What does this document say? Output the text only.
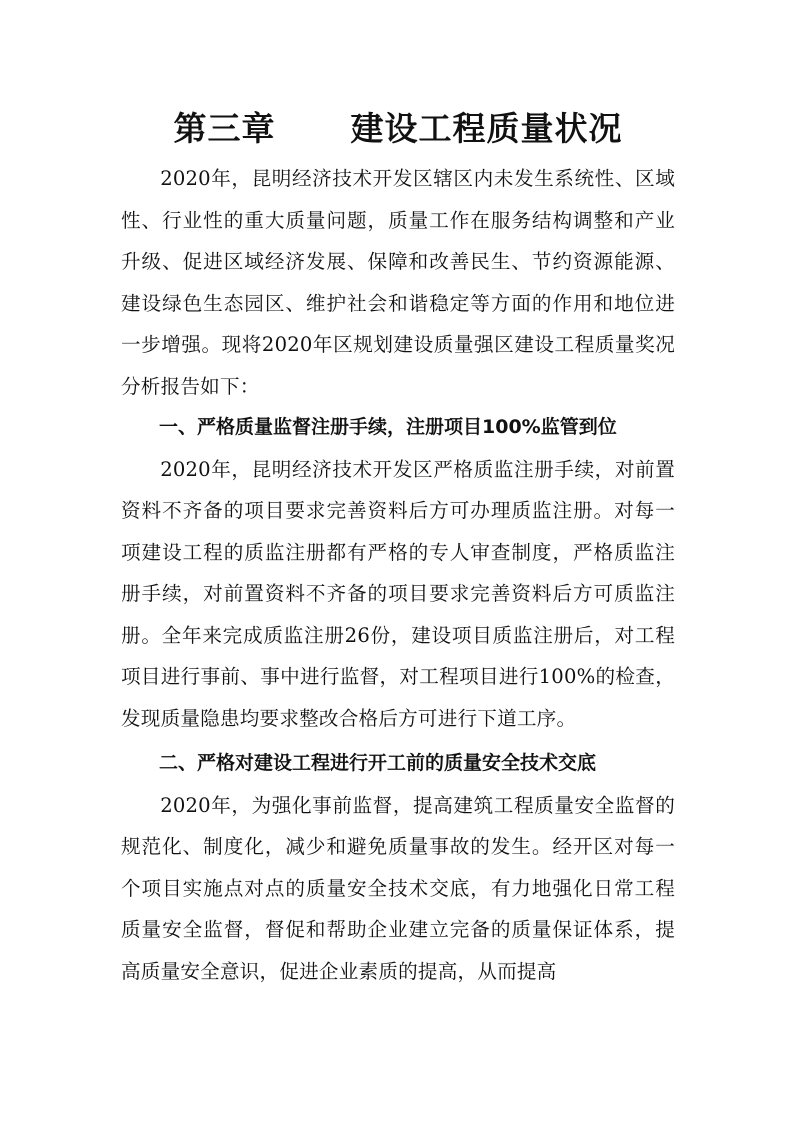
第三章      建设工程质量状况

2020年，昆明经济技术开发区辖区内未发生系统性、区域性、行业性的重大质量问题，质量工作在服务结构调整和产业升级、促进区域经济发展、保障和改善民生、节约资源能源、建设绿色生态园区、维护社会和谐稳定等方面的作用和地位进一步增强。现将2020年区规划建设质量强区建设工程质量奖况分析报告如下：

一、严格质量监督注册手续，注册项目100%监管到位

2020年，昆明经济技术开发区严格质监注册手续，对前置资料不齐备的项目要求完善资料后方可办理质监注册。对每一项建设工程的质监注册都有严格的专人审查制度，严格质监注册手续，对前置资料不齐备的项目要求完善资料后方可质监注册。全年来完成质监注册26份，建设项目质监注册后，对工程项目进行事前、事中进行监督，对工程项目进行100%的检查，发现质量隐患均要求整改合格后方可进行下道工序。

二、严格对建设工程进行开工前的质量安全技术交底

2020年，为强化事前监督，提高建筑工程质量安全监督的规范化、制度化，减少和避免质量事故的发生。经开区对每一个项目实施点对点的质量安全技术交底，有力地强化日常工程质量安全监督，督促和帮助企业建立完备的质量保证体系，提高质量安全意识，促进企业素质的提高，从而提高
